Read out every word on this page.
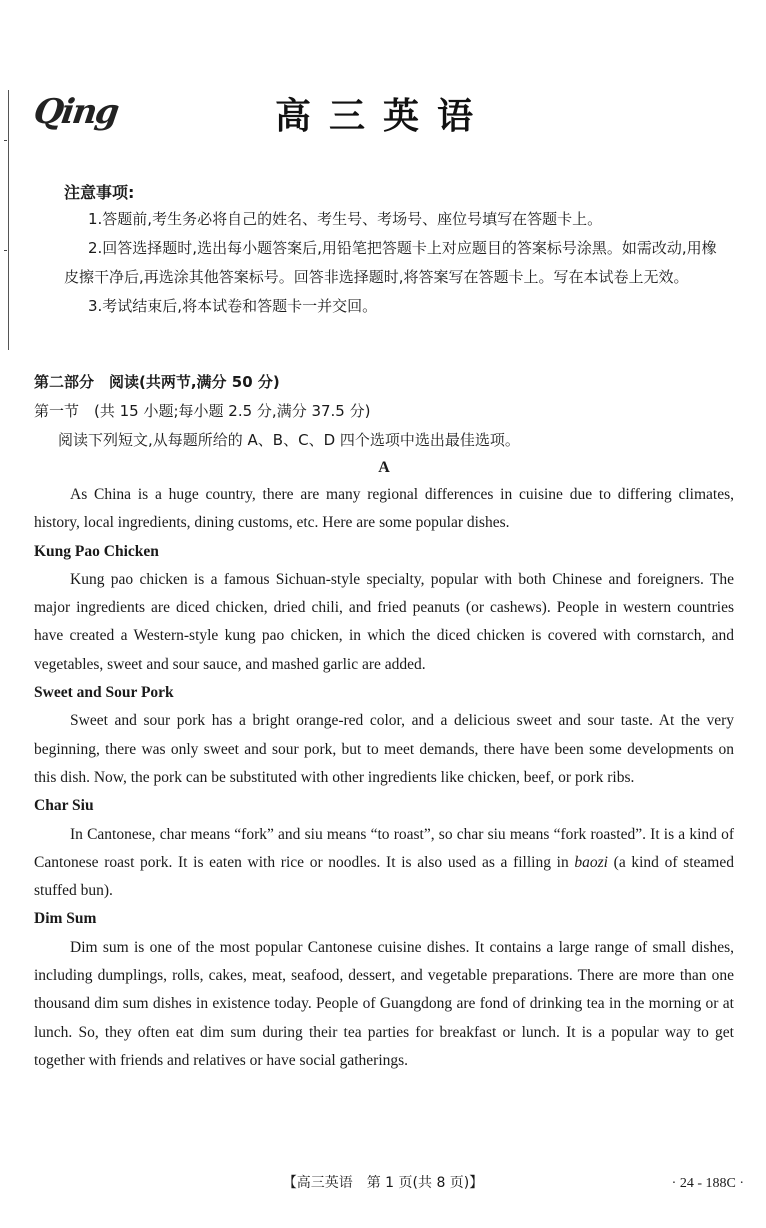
Qing	高三英语
注意事项:

1.答题前,考生务必将自己的姓名、考生号、考场号、座位号填写在答题卡上。

2.回答选择题时,选出每小题答案后,用铅笔把答题卡上对应题目的答案标号涂黑。如需改动,用橡皮擦干净后,再选涂其他答案标号。回答非选择题时,将答案写在答题卡上。写在本试卷上无效。

3.考试结束后,将本试卷和答题卡一并交回。

第二部分　阅读(共两节,满分 50 分)

第一节　(共 15 小题;每小题 2.5 分,满分 37.5 分)

阅读下列短文,从每题所给的 A、B、C、D 四个选项中选出最佳选项。

A

As China is a huge country, there are many regional differences in cuisine due to differing climates, history, local ingredients, dining customs, etc. Here are some popular dishes.

Kung Pao Chicken

Kung pao chicken is a famous Sichuan-style specialty, popular with both Chinese and foreigners. The major ingredients are diced chicken, dried chili, and fried peanuts (or cashews). People in western countries have created a Western-style kung pao chicken, in which the diced chicken is covered with cornstarch, and vegetables, sweet and sour sauce, and mashed garlic are added.

Sweet and Sour Pork

Sweet and sour pork has a bright orange-red color, and a delicious sweet and sour taste. At the very beginning, there was only sweet and sour pork, but to meet demands, there have been some developments on this dish. Now, the pork can be substituted with other ingredients like chicken, beef, or pork ribs.

Char Siu

In Cantonese, char means “fork” and siu means “to roast”, so char siu means “fork roasted”. It is a kind of Cantonese roast pork. It is eaten with rice or noodles. It is also used as a filling in baozi (a kind of steamed stuffed bun).

Dim Sum

Dim sum is one of the most popular Cantonese cuisine dishes. It contains a large range of small dishes, including dumplings, rolls, cakes, meat, seafood, dessert, and vegetable preparations. There are more than one thousand dim sum dishes in existence today. People of Guangdong are fond of drinking tea in the morning or at lunch. So, they often eat dim sum during their tea parties for breakfast or lunch. It is a popular way to get together with friends and relatives or have social gatherings.

【高三英语　第 1 页(共 8 页)】	· 24 - 188C ·
